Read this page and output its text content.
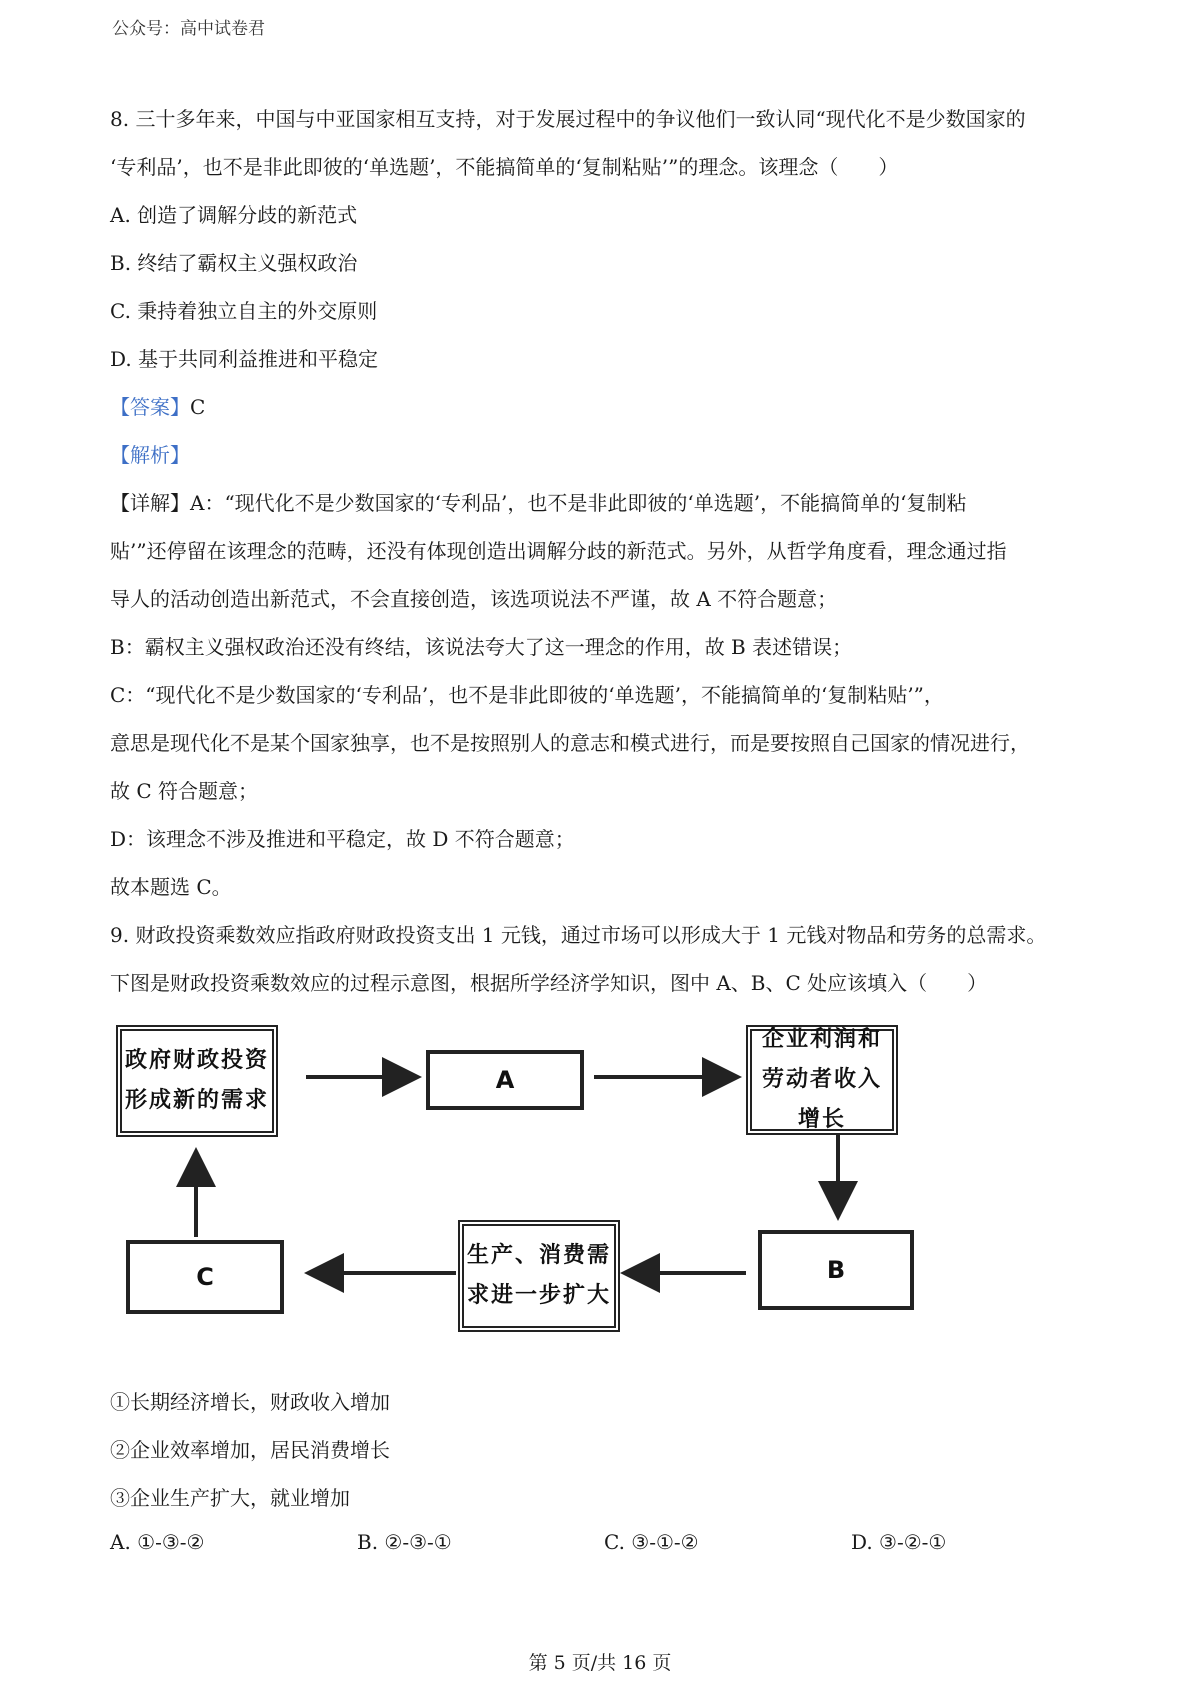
公众号：高中试卷君

8. 三十多年来，中国与中亚国家相互支持，对于发展过程中的争议他们一致认同“现代化不是少数国家的

‘专利品’，也不是非此即彼的‘单选题’，不能搞简单的‘复制粘贴’”的理念。该理念（　　）

A. 创造了调解分歧的新范式

B. 终结了霸权主义强权政治

C. 秉持着独立自主的外交原则

D. 基于共同利益推进和平稳定

【答案】C

【解析】

【详解】A：“现代化不是少数国家的‘专利品’，也不是非此即彼的‘单选题’，不能搞简单的‘复制粘

贴’”还停留在该理念的范畴，还没有体现创造出调解分歧的新范式。另外，从哲学角度看，理念通过指

导人的活动创造出新范式，不会直接创造，该选项说法不严谨，故 A 不符合题意；

B：霸权主义强权政治还没有终结，该说法夸大了这一理念的作用，故 B 表述错误；

C：“现代化不是少数国家的‘专利品’，也不是非此即彼的‘单选题’，不能搞简单的‘复制粘贴’”，

意思是现代化不是某个国家独享，也不是按照别人的意志和模式进行，而是要按照自己国家的情况进行，

故 C 符合题意；

D：该理念不涉及推进和平稳定，故 D 不符合题意；

故本题选 C。

9. 财政投资乘数效应指政府财政投资支出 1 元钱，通过市场可以形成大于 1 元钱对物品和劳务的总需求。

下图是财政投资乘数效应的过程示意图，根据所学经济学知识，图中 A、B、C 处应该填入（　　）

政府财政投资形成新的需求
A
企业利润和劳动者收入增长
B
生产、消费需求进一步扩大
C

①长期经济增长，财政收入增加

②企业效率增加，居民消费增长

③企业生产扩大，就业增加

A. ①-③-②	B. ②-③-①	C. ③-①-②	D. ③-②-①
第 5 页/共 16 页
